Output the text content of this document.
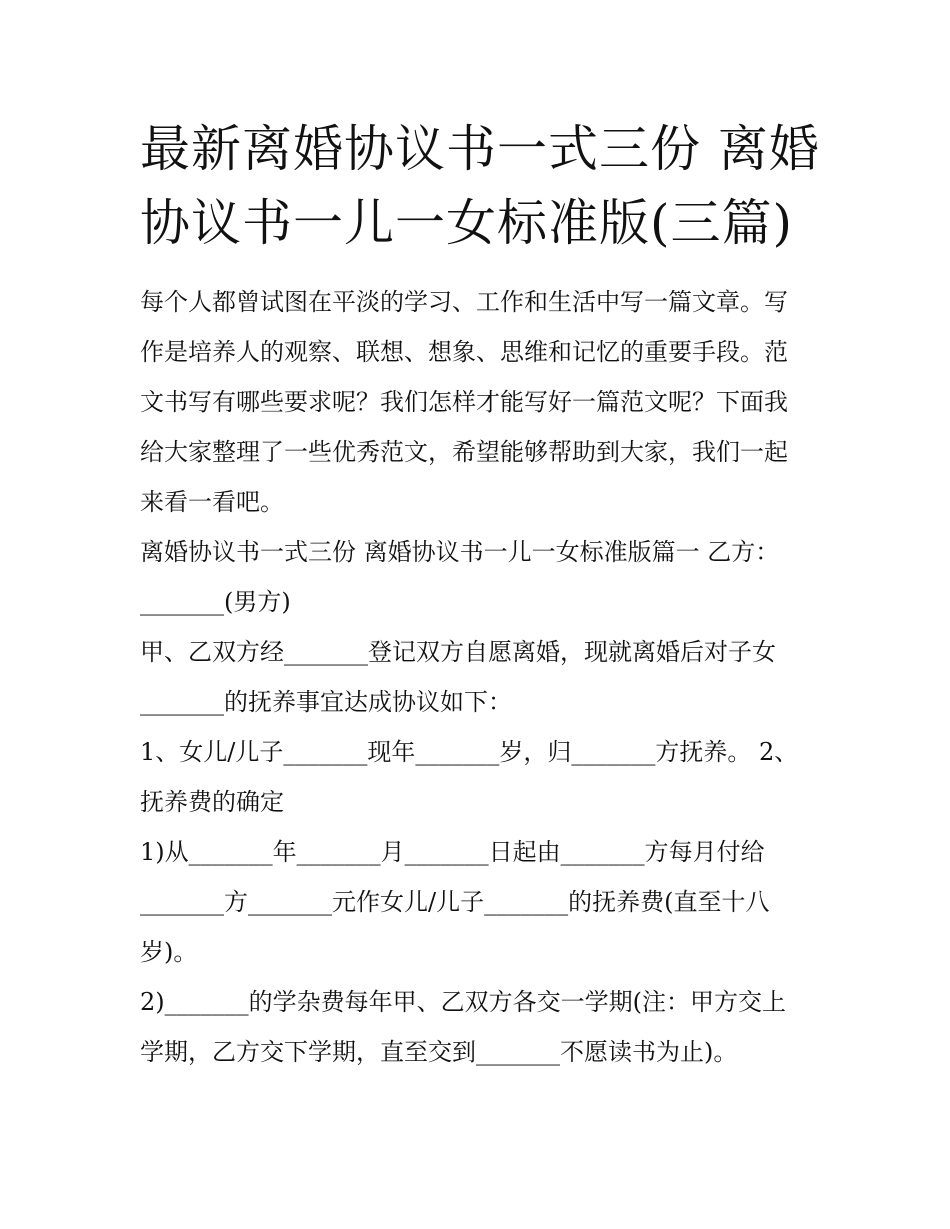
最新离婚协议书一式三份 离婚
协议书一儿一女标准版(三篇)
每个人都曾试图在平淡的学习、工作和生活中写一篇文章。写
作是培养人的观察、联想、想象、思维和记忆的重要手段。范
文书写有哪些要求呢？我们怎样才能写好一篇范文呢？下面我
给大家整理了一些优秀范文，希望能够帮助到大家，我们一起
来看一看吧。
离婚协议书一式三份 离婚协议书一儿一女标准版篇一 乙方：
_______(男方)
甲、乙双方经_______登记双方自愿离婚，现就离婚后对子女
_______的抚养事宜达成协议如下：
1、女儿/儿子_______现年_______岁，归_______方抚养。 2、
抚养费的确定
1)从_______年_______月_______日起由_______方每月付给
_______方_______元作女儿/儿子_______的抚养费(直至十八
岁)。
2)_______的学杂费每年甲、乙双方各交一学期(注：甲方交上
学期，乙方交下学期，直至交到_______不愿读书为止)。
